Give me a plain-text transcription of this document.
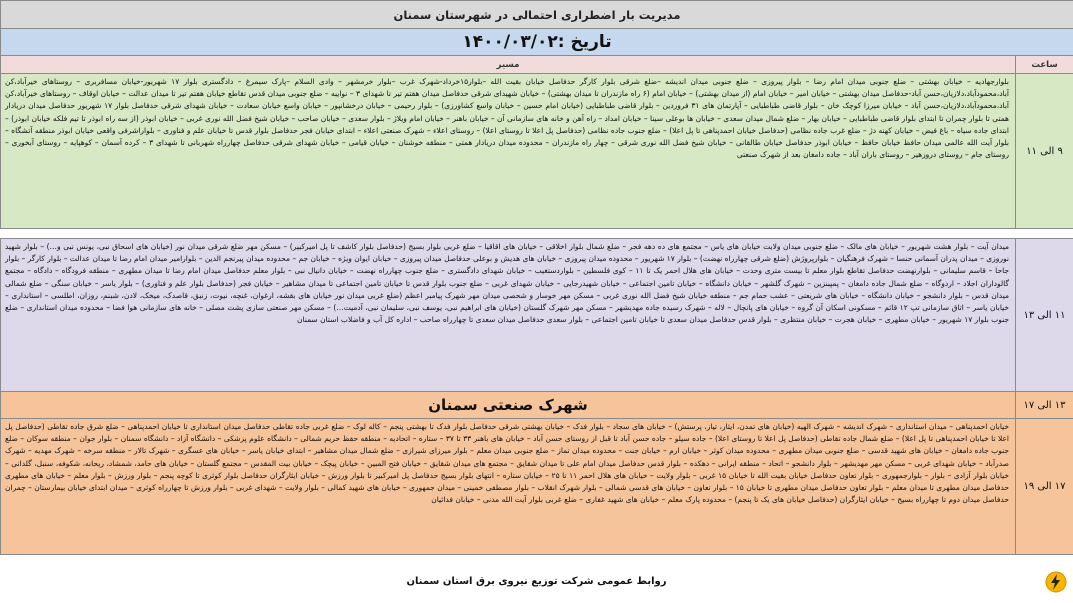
مدیریت بار اضطراری احتمالی در شهرستان سمنان	
تاریخ :۱۴۰۰/۰۳/۰۲	
ساعت	مسیر
۹ الی ۱۱	بلوارجهادیه – خیابان بهشتی – ضلع جنوبی میدان امام رضا – بلوار پیروزی – ضلع جنوبی میدان اندیشه –ضلع شرقی بلوار کارگر حدفاصل خیابان بقیت الله –بلوار۱۵خرداد-شهرک غرب –بلوار خرمشهر – وادی السلام –پارک سیمرغ – دادگستری بلوار ۱۷ شهریور-خیابان مسافربری – روستاهای خیرآباد،کن آباد،محمودآباد،دلازیان،حسن آباد-حدفاصل میدان بهشتی – خیابان امیر – خیابان امام (از میدان بهشتی) – خیابان امام (۶ راه مازندران تا میدان بهشتی) – خیابان شهیدای شرقی حدفاصل میدان هفتم تیر تا شهدای ۳ – نوایبه – ضلع جنوبی میدان قدس تقاطع خیابان هفتم تیر تا میدان عدالت – خیابان اوقاف – روستاهای خیرآباد،کن آباد،محمودآباد،دلازیان،حسن آباد – خیابان میرزا کوچک خان – بلوار قاضی طباطبایی – آپارتمان های ۳۱ فروردین – بلوار قاضی طباطبایی (خیابان امام حسین – خیابان واسع کشاورزی) – بلوار رحیمی – خیابان درخشانپور – خیابان واسع خیابان سعادت – خیابان شهدای شرقی حدفاصل بلوار ۱۷ شهریور حدفاصل میدان دریادار همتی تا بلوار چمران تا ابتدای بلوار قاضی طباطبایی – خیابان بهار – ضلع شمال میدان سعدی – خیابان ها بوعلی سینا – خیابان امداد – راه آهن و خانه های سازمانی آن – خیابان باهنر – خیابان امام ویلاژ – بلوار سعدی – خیابان صاحب – خیابان شیخ فضل الله نوری غربی – خیابان ابوذر (از سه راه ابوذر تا تیم فلکه خیابان ابوذر) – ابتدای جاده سیاه – باغ فیض – خیابان کهنه دژ – ضلع غرب جاده نظامی (حدفاصل خیابان احمدپناهی تا پل اعلا) – ضلع جنوب جاده نظامی (حدفاصل پل اعلا تا روستای اعلا) – روستای اعلاء – شهرک صنعتی اعلاء – ابتدای خیابان فجر حدفاصل بلوار قدس تا خیابان علم و فناوری – بلواراشرفی واقعی خیابان ابوذر منطقه آتشگاه – بلوار آیت الله عالمی میدان حافظ خیابان حافظ – خیابان ابوذر حدفاصل خیابان طالقانی – خیابان شیخ فضل الله نوری شرقی – چهار راه مازندران – محدوده میدان دریادار همتی – منطقه خوشنان – خیابان قیامی – خیابان شهدای شرقی حدفاصل چهارراه شهربانی تا شهدای ۳ – کرده آسمان – کوهپایه – روستای آبخوری – روستای جام – روستای دروزهیر – روستای باران آباد – جاده دامغان بعد از شهرک صنعتی

۱۱ الی ۱۳	میدان آیت – بلوار هشت شهریور – خیابان های مالک – ضلع جنوبی میدان ولایت خیابان های یاس – مجتمع های ده دهه فجر – ضلع شمال بلوار اخلاقی – خیابان های اقاقیا – ضلع غربی بلوار بسیج (حدفاصل بلوار کاشف تا پل امیرکبیر) – مسکن مهر ضلع شرقی میدان نور (خیابان های اسحاق نبی، یونس نبی و…) – بلوار شهید نوروزی – میدان پدران آسمانی حنسا – شهرک فرهنگیان – بلوارپروژش (ضلع شرقی چهارراه نهضت) – بلوار ۱۷ شهریور – محدوده میدان پیروزی – خیابان های هدیش و بوعلی حدفاصل میدان پیروزی – خیابان ایوان ویژه – خیابان جم – محدوده میدان پیرنجم الدین – بلوارامیر میدان امام رضا تا میدان عدالت – بلوار کارگر – بلوار جاحا – قاسم سلیمانی – بلوارنهضت حدفاصل تقاطع بلوار معلم تا بیست متری وحدت – خیابان های هلال احمر یک تا ۱۱ – کوی فلسطین – بلواردستغیب – خیابان شهدای دادگستری – ضلع جنوب چهارراه نهضت – خیابان دانیال نبی – بلوار معلم حدفاصل میدان امام رضا تا میدان مطهری – منطقه فرودگاه – دادگاه – مجتمع گالوداران اجلاد – اردوگاه – ضلع شمال جاده دامغان – پمپبنزین – شهرک گلشهر – خیابان دانشگاه – خیابان تامین اجتماعی – خیابان شهیدرجایی – خیابان شهدای غربی – ضلع جنوب بلوار قدس تا خیابان تامین اجتماعی تا میدان مشاهیر – خیابان فجر (حدفاصل بلوار علم و فناوری) – بلوار یاسر – خیابان سنگی – ضلع شمالی میدان قدس – بلوار دانشجو – خیابان دانشگاه – خیابان های شریعتی – عشب حمام جم – منطقه خیابان شیخ فضل الله نوری غربی – مسکن مهر خوسار و شحصی میدان مهر شهرک پیامبر اعظم (ضلع غربی میدان نور خیابان های بقشه، ارغوان، غنچه، نیوت، زنبق، قاصدک، میخک، لادن، شبنم، روزان، اطلسی – استانداری – خیابان یاسر – اتاق سازمانی تپ ۱۲ قائم – مسکونی اسکان آن گروه – خیابان های پانچال – لاله – شهرک رسیده جاده مهدیشهر – مسکن مهر شهرک گلستان (خیابان های ابراهیم نبی، یوسف نبی، سلیمان نبی، آدمیت…) – مسکن مهر صنعتی سازی پشت مصلی – خانه های سازمانی هوا فضا – محدوده میدان استانداری – ضلع جنوب بلوار ۱۷ شهریور – خیابان مطهری – خیابان هجرت – خیابان منتظری – بلوار قدس حدفاصل میدان سعدی تا خیابان تامین اجتماعی – بلوار سعدی حدفاصل میدان سعدی تا چهارراه صاحب – اداره کل آب و فاضلاب استان سمنان
۱۳ الی ۱۷	شهرک صنعتی سمنان
۱۷ الی ۱۹	خیابان احمدپناهی – میدان استانداری – شهرک اندیشه – شهرک الهیه (خیابان های تمدن، ایثار، تیاز، پرستش) – خیابان های سجاد – بلوار فدک – خیابان بهشتی شرقی حدفاصل بلوار فدک تا بهشتی پنجم – کاله لوک – ضلع غربی جاده تقاطی حدفاصل میدان استانداری تا خیابان احمدپناهی – ضلع شرق جاده تقاطی (حدفاصل پل اعلا تا خیابان احمدپناهی تا پل اعلا) – ضلع شمال جاده تقاطی (حدفاصل پل اعلا تا روستای اعلا) – جاده سیلو – جاده حسن آباد تا قبل از روستای حسن آباد – خیابان های باهنر ۳۳ تا ۳۷ – ستاره – اتحادیه – منطقه حفظ حریم شمالی – دانشگاه علوم پزشکی – دانشگاه آزاد – دانشگاه سمنان – بلوار جوان – منطقه سوکان – ضلع جنوب جاده دامغان – خیابان های شهید قدسی – ضلع جنوبی میدان مطهری – محدوده میدان کوثر – خیابان ارم – خیابان جنت – محدوده میدان تماز – ضلع جنوبی میدان معلم – بلوار میرزای شیرازی – ضلع شمال میدان مشاهیر – ابتدای خیابان یاسر – خیابان های عسگری – شهرک تالار – منطقه سرخه – شهرک مهدیه – شهرک صدرآباد – خیابان شهدای غربی – مسکن مهر مهدیشهر – بلوار دانشجو – اتحاد – منطقه ایرانی – دهکده – بلوار قدس حدفاصل میدان امام علی تا میدان شقایق – مجتمع های میدان شقایق – خیابان فتح المبین – خیابان پیچک – خیابان بیت المقدس – مجتمع گلستان – خیابان های حامد، شمشاد، ریحانه، شکوفه، سنبل، گلدانی – خیابان بلوار آزادی – بلوار – بلوارجمهوری – بلوار تعاون حدفاصل خیابان بقیت الله تا خیابان ۱۵ غربی – بلوار ولایت – خیابان های هلال احمر ۱۱ تا ۲۵ – خیابان ستاره – انتهای بلوار بسیج حدفاصل پل امیرکبیر تا بلوار ورزش – خیابان ایثارگران حدفاصل بلوار کوثری تا کوچه پنجم – بلوار ورزش – بلوار معلم – خیابان های مطهری حدفاصل میدان مطهری تا میدان معلم – بلوار تعاون حدفاصل میدان مطهری تا خیابان ۱۵ – بلوار تعاون – خیابان های قدسی شمالی – بلوار شهرک انقلاب – بلوار مصطفی خمینی – میدان جمهوری – خیابان های شهید کمالی – بلوار ولایت – شهدای غربی – بلوار ورزش تا چهارراه کوثری – میدان ابتدای خیابان بیمارستان – چمران حدفاصل میدان دوم تا چهارراه بسیج – خیابان ایثارگران (حدفاصل خیابان های یک تا پنجم) – محدوده پارک معلم – خیابان های شهید غفاری – ضلع غربی بلوار آیت الله مدنی – خیابان فدائیان
روابط عمومی شرکت توزیع نیروی برق استان سمنان
